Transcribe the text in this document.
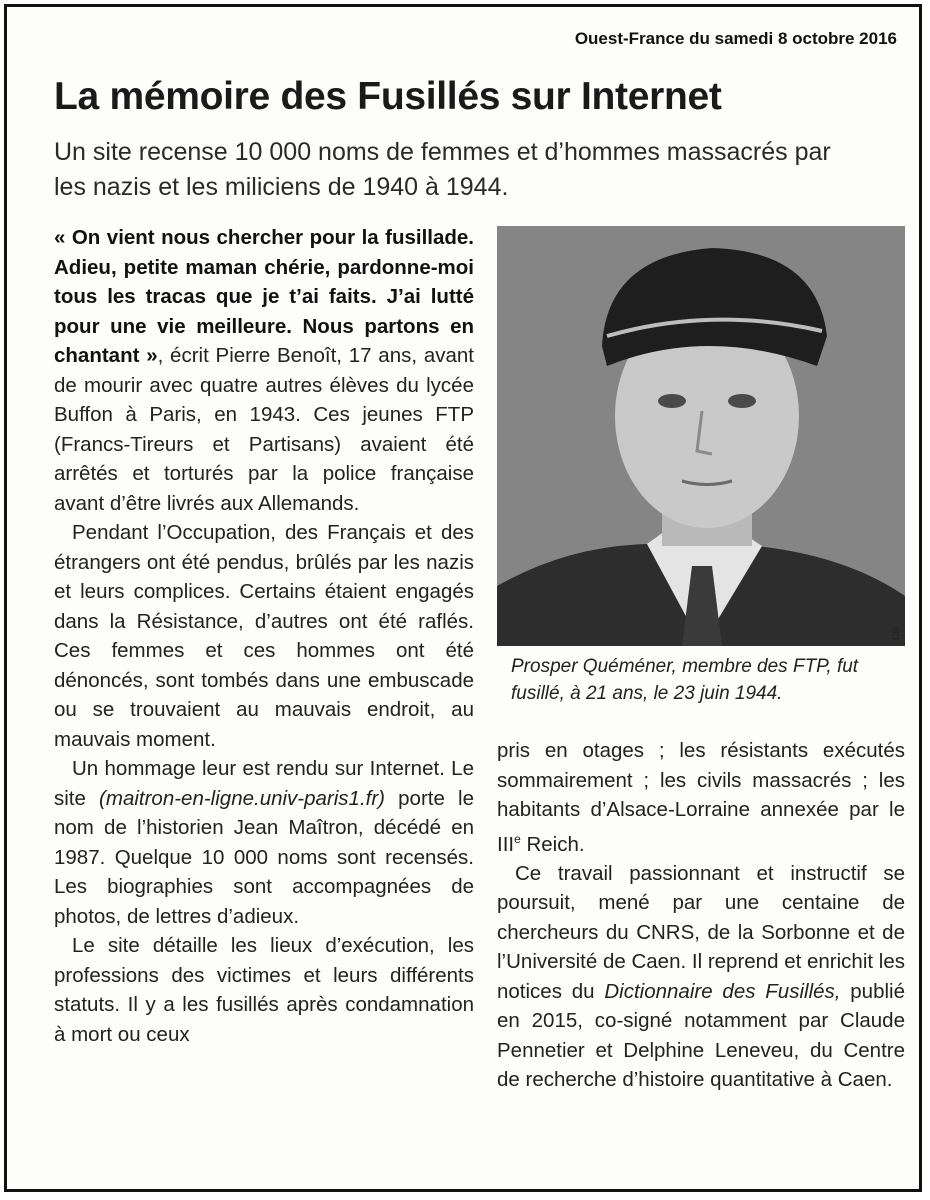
Ouest-France du samedi 8 octobre 2016
La mémoire des Fusillés sur Internet

Un site recense 10 000 noms de femmes et d’hommes massacrés par les nazis et les miliciens de 1940 à 1944.

« On vient nous chercher pour la fusillade. Adieu, petite maman chérie, pardonne-moi tous les tracas que je t’ai faits. J’ai lutté pour une vie meilleure. Nous partons en chantant », écrit Pierre Benoît, 17 ans, avant de mourir avec quatre autres élèves du lycée Buffon à Paris, en 1943. Ces jeunes FTP (Francs-Tireurs et Partisans) avaient été arrêtés et torturés par la police française avant d’être livrés aux Allemands.

Pendant l’Occupation, des Français et des étrangers ont été pendus, brûlés par les nazis et leurs complices. Certains étaient engagés dans la Résistance, d’autres ont été raflés. Ces femmes et ces hommes ont été dénoncés, sont tombés dans une embuscade ou se trouvaient au mauvais endroit, au mauvais moment.

Un hommage leur est rendu sur Internet. Le site (maitron-en-ligne.univ-paris1.fr) porte le nom de l’historien Jean Maîtron, décédé en 1987. Quelque 10 000 noms sont recensés. Les biographies sont accompagnées de photos, de lettres d’adieux.

Le site détaille les lieux d’exécution, les professions des victimes et leurs différents statuts. Il y a les fusillés après condamnation à mort ou ceux

DR

Prosper Quéméner, membre des FTP, fut fusillé, à 21 ans, le 23 juin 1944.

pris en otages ; les résistants exécutés sommairement ; les civils massacrés ; les habitants d’Alsace-Lorraine annexée par le IIIe Reich.

Ce travail passionnant et instructif se poursuit, mené par une centaine de chercheurs du CNRS, de la Sorbonne et de l’Université de Caen. Il reprend et enrichit les notices du Dictionnaire des Fusillés, publié en 2015, co-signé notamment par Claude Pennetier et Delphine Leneveu, du Centre de recherche d’histoire quantitative à Caen.
